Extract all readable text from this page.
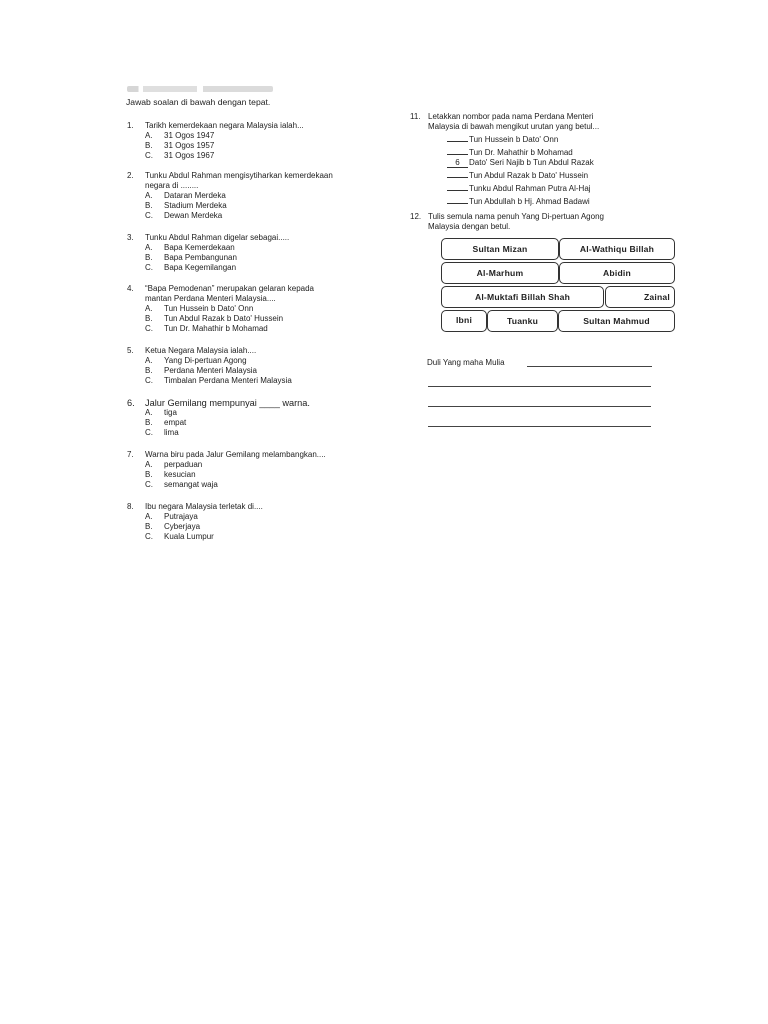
Jawab soalan di bawah dengan tepat.
1. Tarikh kemerdekaan negara Malaysia ialah...
A. 31 Ogos 1947
B. 31 Ogos 1957
C. 31 Ogos 1967
2. Tunku Abdul Rahman mengisytiharkan kemerdekaan
negara di ........
A. Dataran Merdeka
B. Stadium Merdeka
C. Dewan Merdeka
3. Tunku Abdul Rahman digelar sebagai.....
A. Bapa Kemerdekaan
B. Bapa Pembangunan
C. Bapa Kegemilangan
4. “Bapa Pemodenan” merupakan gelaran kepada
mantan Perdana Menteri Malaysia....
A. Tun Hussein b Dato' Onn
B. Tun Abdul Razak b Dato' Hussein
C. Tun Dr. Mahathir b Mohamad
5. Ketua Negara Malaysia ialah....
A. Yang Di-pertuan Agong
B. Perdana Menteri Malaysia
C. Timbalan Perdana Menteri Malaysia
6. Jalur Gemilang mempunyai ____ warna.
A. tiga
B. empat
C. lima
7. Warna biru pada Jalur Gemilang melambangkan....
A. perpaduan
B. kesucian
C. semangat waja
8. Ibu negara Malaysia terletak di....
A. Putrajaya
B. Cyberjaya
C. Kuala Lumpur
11. Letakkan nombor pada nama Perdana Menteri
Malaysia di bawah mengikut urutan yang betul...
Tun Hussein b Dato' Onn
Tun Dr. Mahathir b Mohamad
6 Dato' Seri Najib b Tun Abdul Razak
Tun Abdul Razak b Dato' Hussein
Tunku Abdul Rahman Putra Al-Haj
Tun Abdullah b Hj. Ahmad Badawi
12. Tulis semula nama penuh Yang Di-pertuan Agong
Malaysia dengan betul.
Sultan Mizan	Al-Wathiqu Billah
Al-Marhum	Abidin
Al-Muktafi Billah Shah	Zainal
Ibni	Tuanku	Sultan Mahmud
Duli Yang maha Mulia
